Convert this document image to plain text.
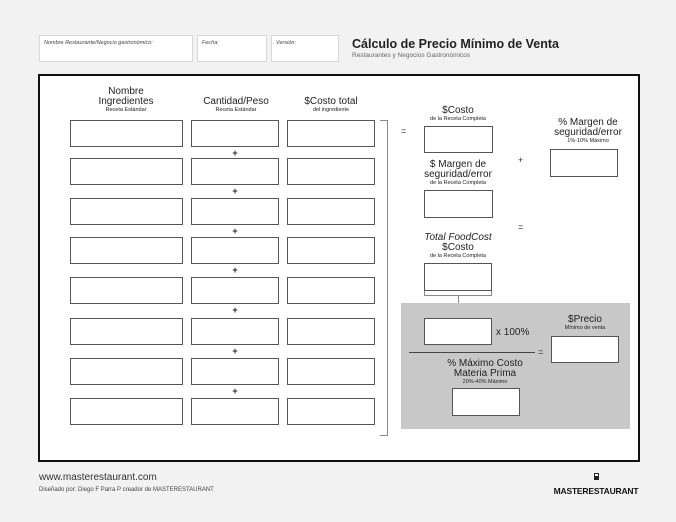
Nombre Restaurante/Negocio gastronómico:	Fecha:	Versión:	Cálculo de Precio Mínimo de Venta
Restaurantes y Negocios Gastronómicos
Nombre
Ingredientes
Receta Estándar
Cantidad/Peso
Receta Estándar
$Costo total
del ingrediente
+
+
+
+
+
+
+
=
$Costo
de la Receta Completa
+
$ Margen de
seguridad/error
de la Receta Completa
% Margen de
seguridad/error
1%-10% Máximo
=
Total FoodCost
$Costo
de la Receta Completa
x 100%
=
% Máximo Costo
Materia Prima
20%-40% Máximo
$Precio
Mínimo de venta
www.masterestaurant.com
Diseñado por: Diego F Parra P creador de MASTERESTAURANT	MASTERESTAURANT
